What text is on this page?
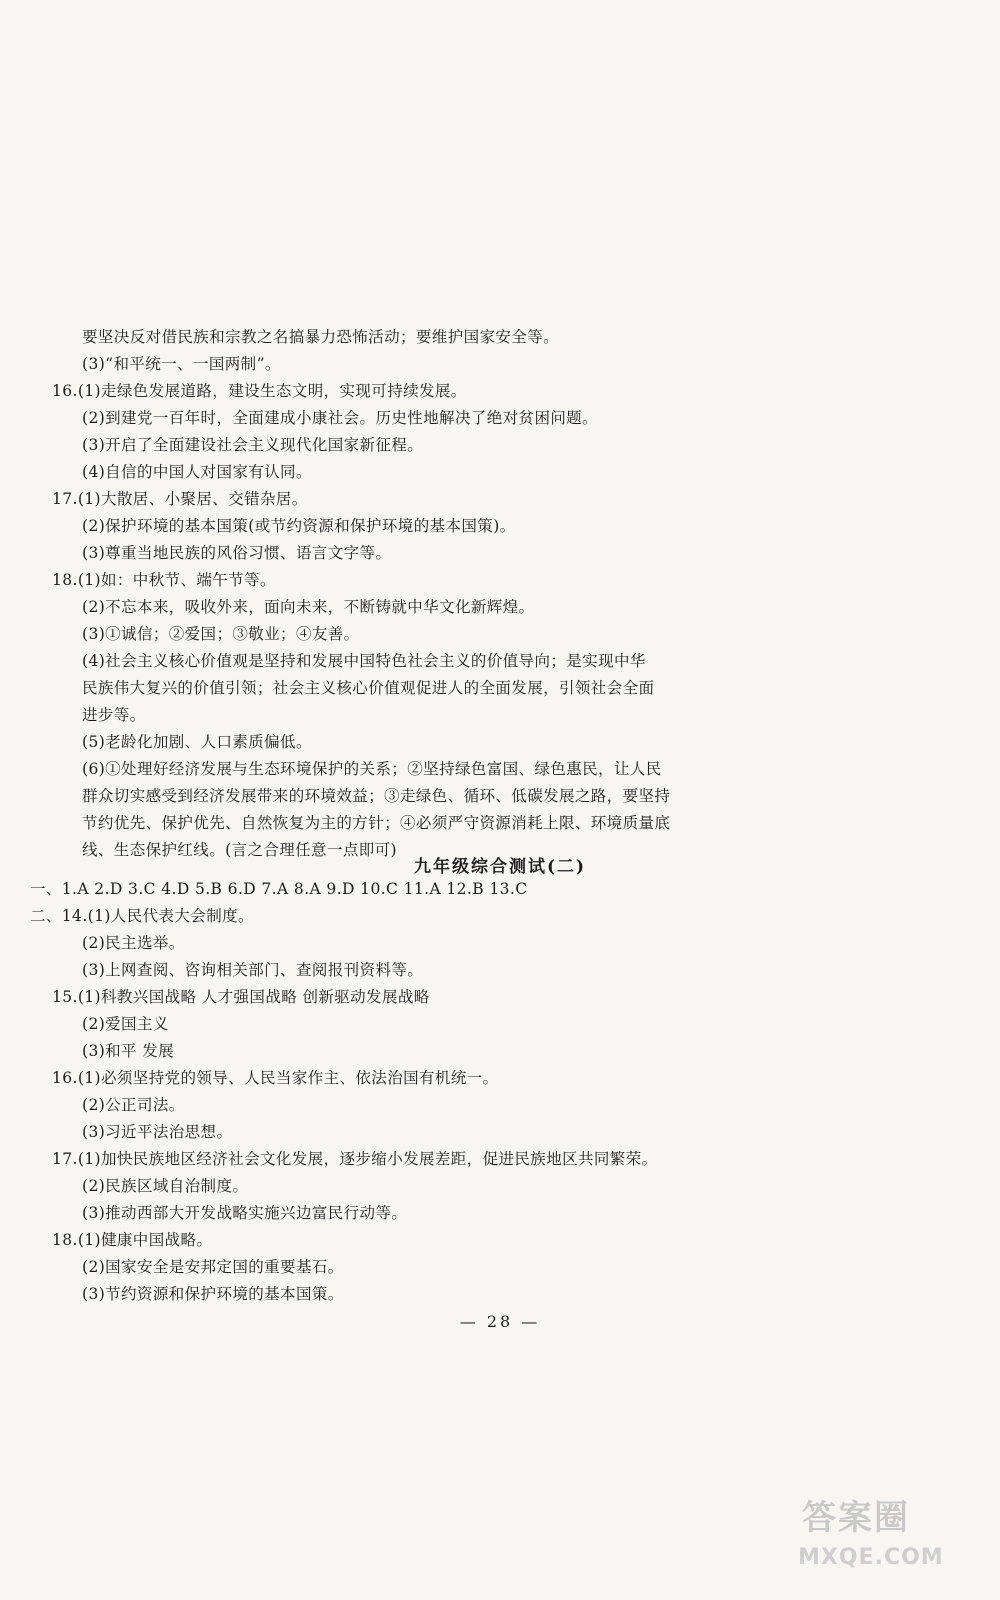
要坚决反对借民族和宗教之名搞暴力恐怖活动；要维护国家安全等。
(3)“和平统一、一国两制”。
16.(1)走绿色发展道路，建设生态文明，实现可持续发展。
(2)到建党一百年时，全面建成小康社会。历史性地解决了绝对贫困问题。
(3)开启了全面建设社会主义现代化国家新征程。
(4)自信的中国人对国家有认同。
17.(1)大散居、小聚居、交错杂居。
(2)保护环境的基本国策(或节约资源和保护环境的基本国策)。
(3)尊重当地民族的风俗习惯、语言文字等。
18.(1)如：中秋节、端午节等。
(2)不忘本来，吸收外来，面向未来，不断铸就中华文化新辉煌。
(3)①诚信；②爱国；③敬业；④友善。
(4)社会主义核心价值观是坚持和发展中国特色社会主义的价值导向；是实现中华
民族伟大复兴的价值引领；社会主义核心价值观促进人的全面发展，引领社会全面
进步等。
(5)老龄化加剧、人口素质偏低。
(6)①处理好经济发展与生态环境保护的关系；②坚持绿色富国、绿色惠民，让人民
群众切实感受到经济发展带来的环境效益；③走绿色、循环、低碳发展之路，要坚持
节约优先、保护优先、自然恢复为主的方针；④必须严守资源消耗上限、环境质量底
线、生态保护红线。(言之合理任意一点即可)
九年级综合测试(二)
一、1.A 2.D 3.C 4.D 5.B 6.D 7.A 8.A 9.D 10.C 11.A 12.B 13.C
二、14.(1)人民代表大会制度。
(2)民主选举。
(3)上网查阅、咨询相关部门、查阅报刊资料等。
15.(1)科教兴国战略 人才强国战略 创新驱动发展战略
(2)爱国主义
(3)和平 发展
16.(1)必须坚持党的领导、人民当家作主、依法治国有机统一。
(2)公正司法。
(3)习近平法治思想。
17.(1)加快民族地区经济社会文化发展，逐步缩小发展差距，促进民族地区共同繁荣。
(2)民族区域自治制度。
(3)推动西部大开发战略实施兴边富民行动等。
18.(1)健康中国战略。
(2)国家安全是安邦定国的重要基石。
(3)节约资源和保护环境的基本国策。
— 28 —
答案圈
MXQE.COM
